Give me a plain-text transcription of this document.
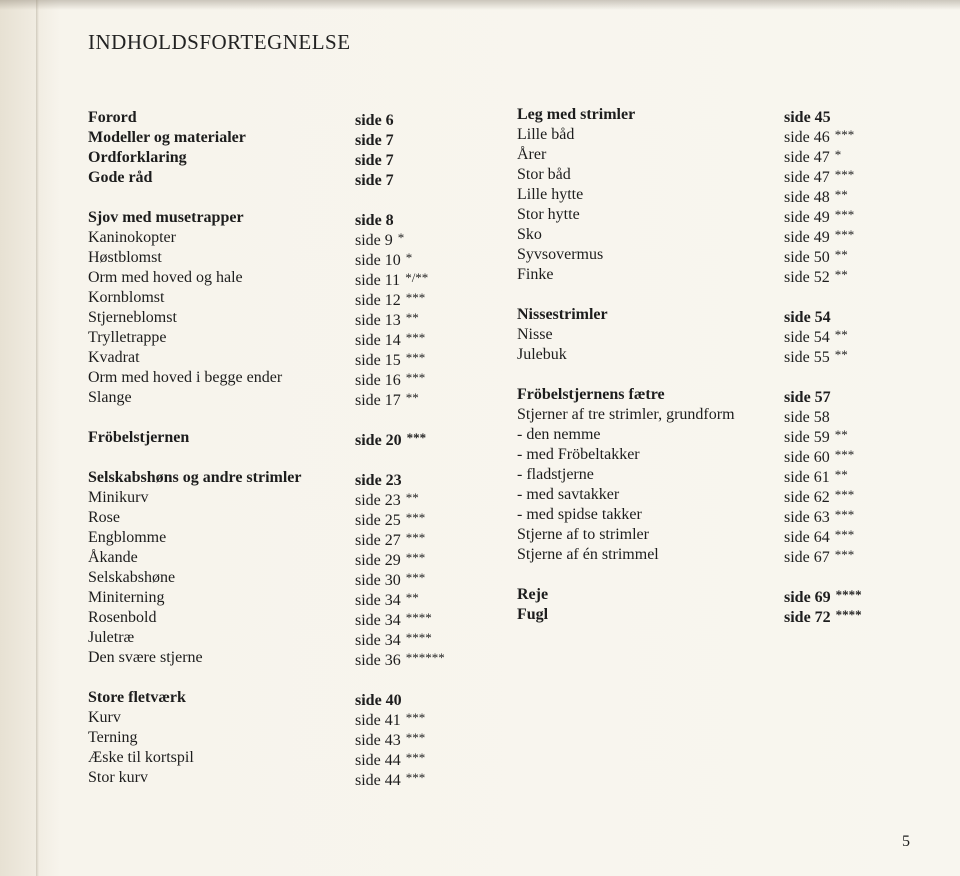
INDHOLDSFORTEGNELSE
Forord	side 6
Modeller og materialer	side 7
Ordforklaring	side 7
Gode råd	side 7
Sjov med musetrapper	side 8
Kaninokopter	side 9 *
Høstblomst	side 10 *
Orm med hoved og hale	side 11 */**
Kornblomst	side 12 ***
Stjerneblomst	side 13 **
Trylletrappe	side 14 ***
Kvadrat	side 15 ***
Orm med hoved i begge ender	side 16 ***
Slange	side 17 **
Fröbelstjernen	side 20 ***
Selskabshøns og andre strimler	side 23
Minikurv	side 23 **
Rose	side 25 ***
Engblomme	side 27 ***
Åkande	side 29 ***
Selskabshøne	side 30 ***
Miniterning	side 34 **
Rosenbold	side 34 ****
Juletræ	side 34 ****
Den svære stjerne	side 36 ******
Store fletværk	side 40
Kurv	side 41 ***
Terning	side 43 ***
Æske til kortspil	side 44 ***
Stor kurv	side 44 ***
Leg med strimler	side 45
Lille båd	side 46 ***
Årer	side 47 *
Stor båd	side 47 ***
Lille hytte	side 48 **
Stor hytte	side 49 ***
Sko	side 49 ***
Syvsovermus	side 50 **
Finke	side 52 **
Nissestrimler	side 54
Nisse	side 54 **
Julebuk	side 55 **
Fröbelstjernens fætre	side 57
Stjerner af tre strimler, grundform	side 58
- den nemme	side 59 **
- med Fröbeltakker	side 60 ***
- fladstjerne	side 61 **
- med savtakker	side 62 ***
- med spidse takker	side 63 ***
Stjerne af to strimler	side 64 ***
Stjerne af én strimmel	side 67 ***
Reje	side 69 ****
Fugl	side 72 ****
5
